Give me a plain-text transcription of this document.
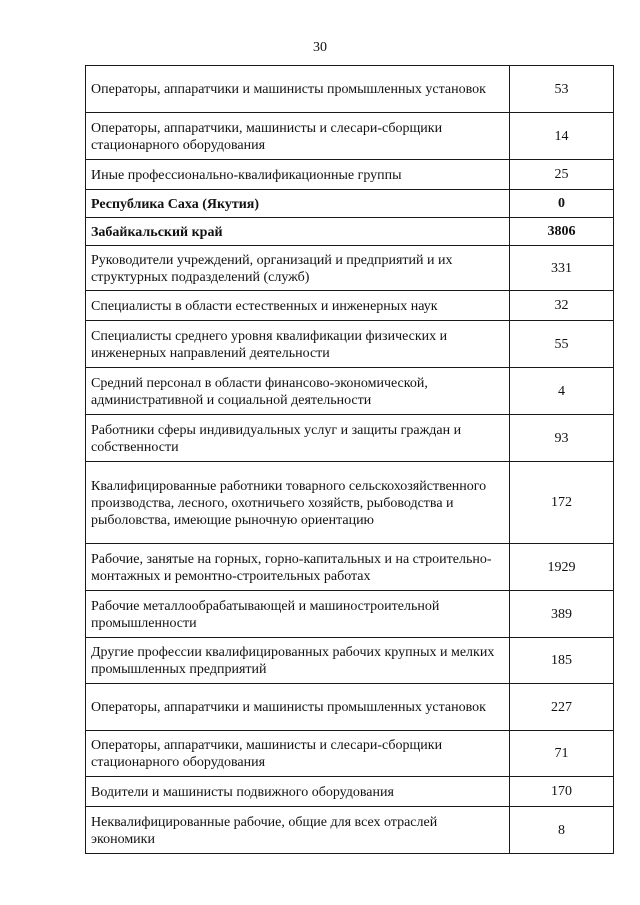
30
Операторы, аппаратчики и машинисты промышленных установок	53
Операторы, аппаратчики, машинисты и слесари-сборщики стационарного оборудования	14
Иные профессионально-квалификационные группы	25
Республика Саха (Якутия)	0
Забайкальский край	3806
Руководители учреждений, организаций и предприятий и их структурных подразделений (служб)	331
Специалисты в области естественных и инженерных наук	32
Специалисты среднего уровня квалификации физических и инженерных направлений деятельности	55
Средний персонал в области финансово-экономической, административной и социальной деятельности	4
Работники сферы индивидуальных услуг и защиты граждан и собственности	93
Квалифицированные работники товарного сельскохозяйственного производства, лесного, охотничьего хозяйств, рыбоводства и рыболовства, имеющие рыночную ориентацию	172
Рабочие, занятые на горных, горно-капитальных и на строительно-монтажных и ремонтно-строительных работах	1929
Рабочие металлообрабатывающей и машиностроительной промышленности	389
Другие профессии квалифицированных рабочих крупных и мелких промышленных предприятий	185
Операторы, аппаратчики и машинисты промышленных установок	227
Операторы, аппаратчики, машинисты и слесари-сборщики стационарного оборудования	71
Водители и машинисты подвижного оборудования	170
Неквалифицированные рабочие, общие для всех отраслей экономики	8
